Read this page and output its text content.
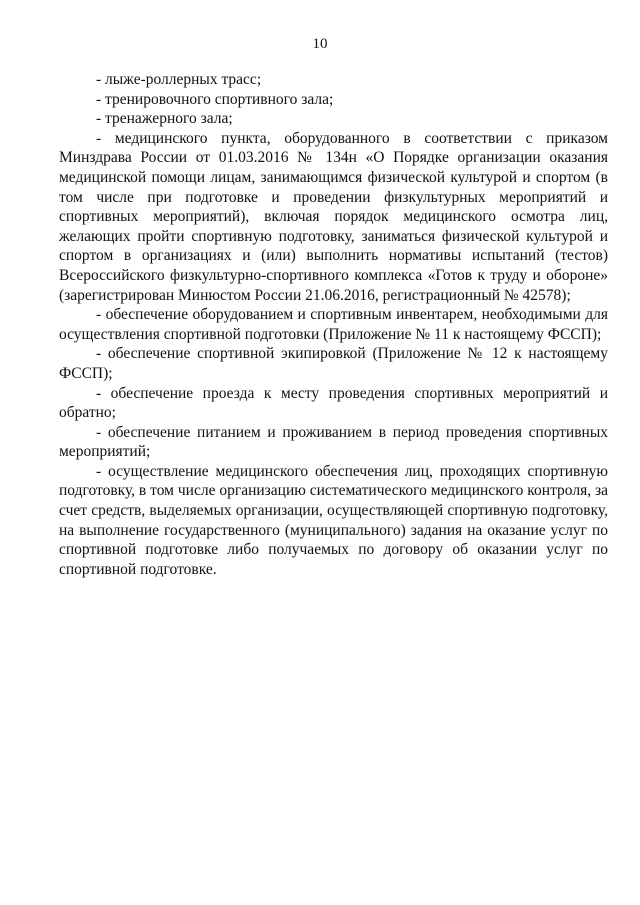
10

- лыже-роллерных трасс;

- тренировочного спортивного зала;

- тренажерного зала;

- медицинского пункта, оборудованного в соответствии с приказом Минздрава России от 01.03.2016 № 134н «О Порядке организации оказания медицинской помощи лицам, занимающимся физической культурой и спортом (в том числе при подготовке и проведении физкультурных мероприятий и спортивных мероприятий), включая порядок медицинского осмотра лиц, желающих пройти спортивную подготовку, заниматься физической культурой и спортом в организациях и (или) выполнить нормативы испытаний (тестов) Всероссийского физкультурно-спортивного комплекса «Готов к труду и обороне» (зарегистрирован Минюстом России 21.06.2016, регистрационный № 42578);

- обеспечение оборудованием и спортивным инвентарем, необходимыми для осуществления спортивной подготовки (Приложение № 11 к настоящему ФССП);

- обеспечение спортивной экипировкой (Приложение № 12 к настоящему ФССП);

- обеспечение проезда к месту проведения спортивных мероприятий и обратно;

- обеспечение питанием и проживанием в период проведения спортивных мероприятий;

- осуществление медицинского обеспечения лиц, проходящих спортивную подготовку, в том числе организацию систематического медицинского контроля, за счет средств, выделяемых организации, осуществляющей спортивную подготовку, на выполнение государственного (муниципального) задания на оказание услуг по спортивной подготовке либо получаемых по договору об оказании услуг по спортивной подготовке.
